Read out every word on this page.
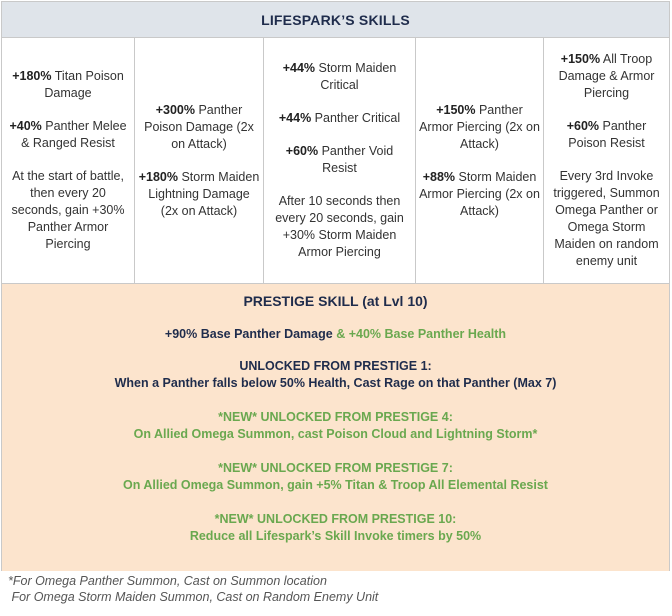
LIFESPARK’S SKILLS
+180% Titan Poison Damage
+40% Panther Melee & Ranged Resist
At the start of battle, then every 20 seconds, gain +30% Panther Armor Piercing
+300% Panther Poison Damage (2x on Attack)
+180% Storm Maiden Lightning Damage (2x on Attack)
+44% Storm Maiden Critical
+44% Panther Critical
+60% Panther Void Resist
After 10 seconds then every 20 seconds, gain +30% Storm Maiden Armor Piercing
+150% Panther Armor Piercing (2x on Attack)
+88% Storm Maiden Armor Piercing (2x on Attack)
+150% All Troop Damage & Armor Piercing
+60% Panther Poison Resist
Every 3rd Invoke triggered, Summon Omega Panther or Omega Storm Maiden on random enemy unit
PRESTIGE SKILL (at Lvl 10)
+90% Base Panther Damage & +40% Base Panther Health
UNLOCKED FROM PRESTIGE 1:
When a Panther falls below 50% Health, Cast Rage on that Panther (Max 7)
*NEW* UNLOCKED FROM PRESTIGE 4:
On Allied Omega Summon, cast Poison Cloud and Lightning Storm*
*NEW* UNLOCKED FROM PRESTIGE 7:
On Allied Omega Summon, gain +5% Titan & Troop All Elemental Resist
*NEW* UNLOCKED FROM PRESTIGE 10:
Reduce all Lifespark’s Skill Invoke timers by 50%
*For Omega Panther Summon, Cast on Summon location
For Omega Storm Maiden Summon, Cast on Random Enemy Unit
